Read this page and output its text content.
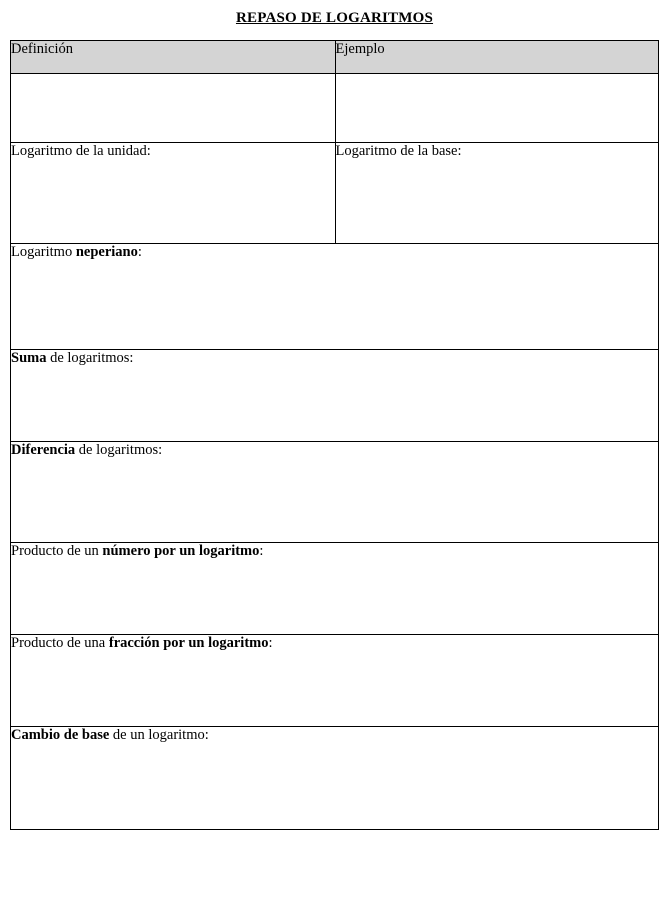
REPASO DE LOGARITMOS
Definición	Ejemplo

Logaritmo de la unidad:	Logaritmo de la base:

Logaritmo neperiano:	

Suma de logaritmos:	

Diferencia de logaritmos:	

Producto de un número por un logaritmo:	

Producto de una fracción por un logaritmo:	

Cambio de base de un logaritmo:	
